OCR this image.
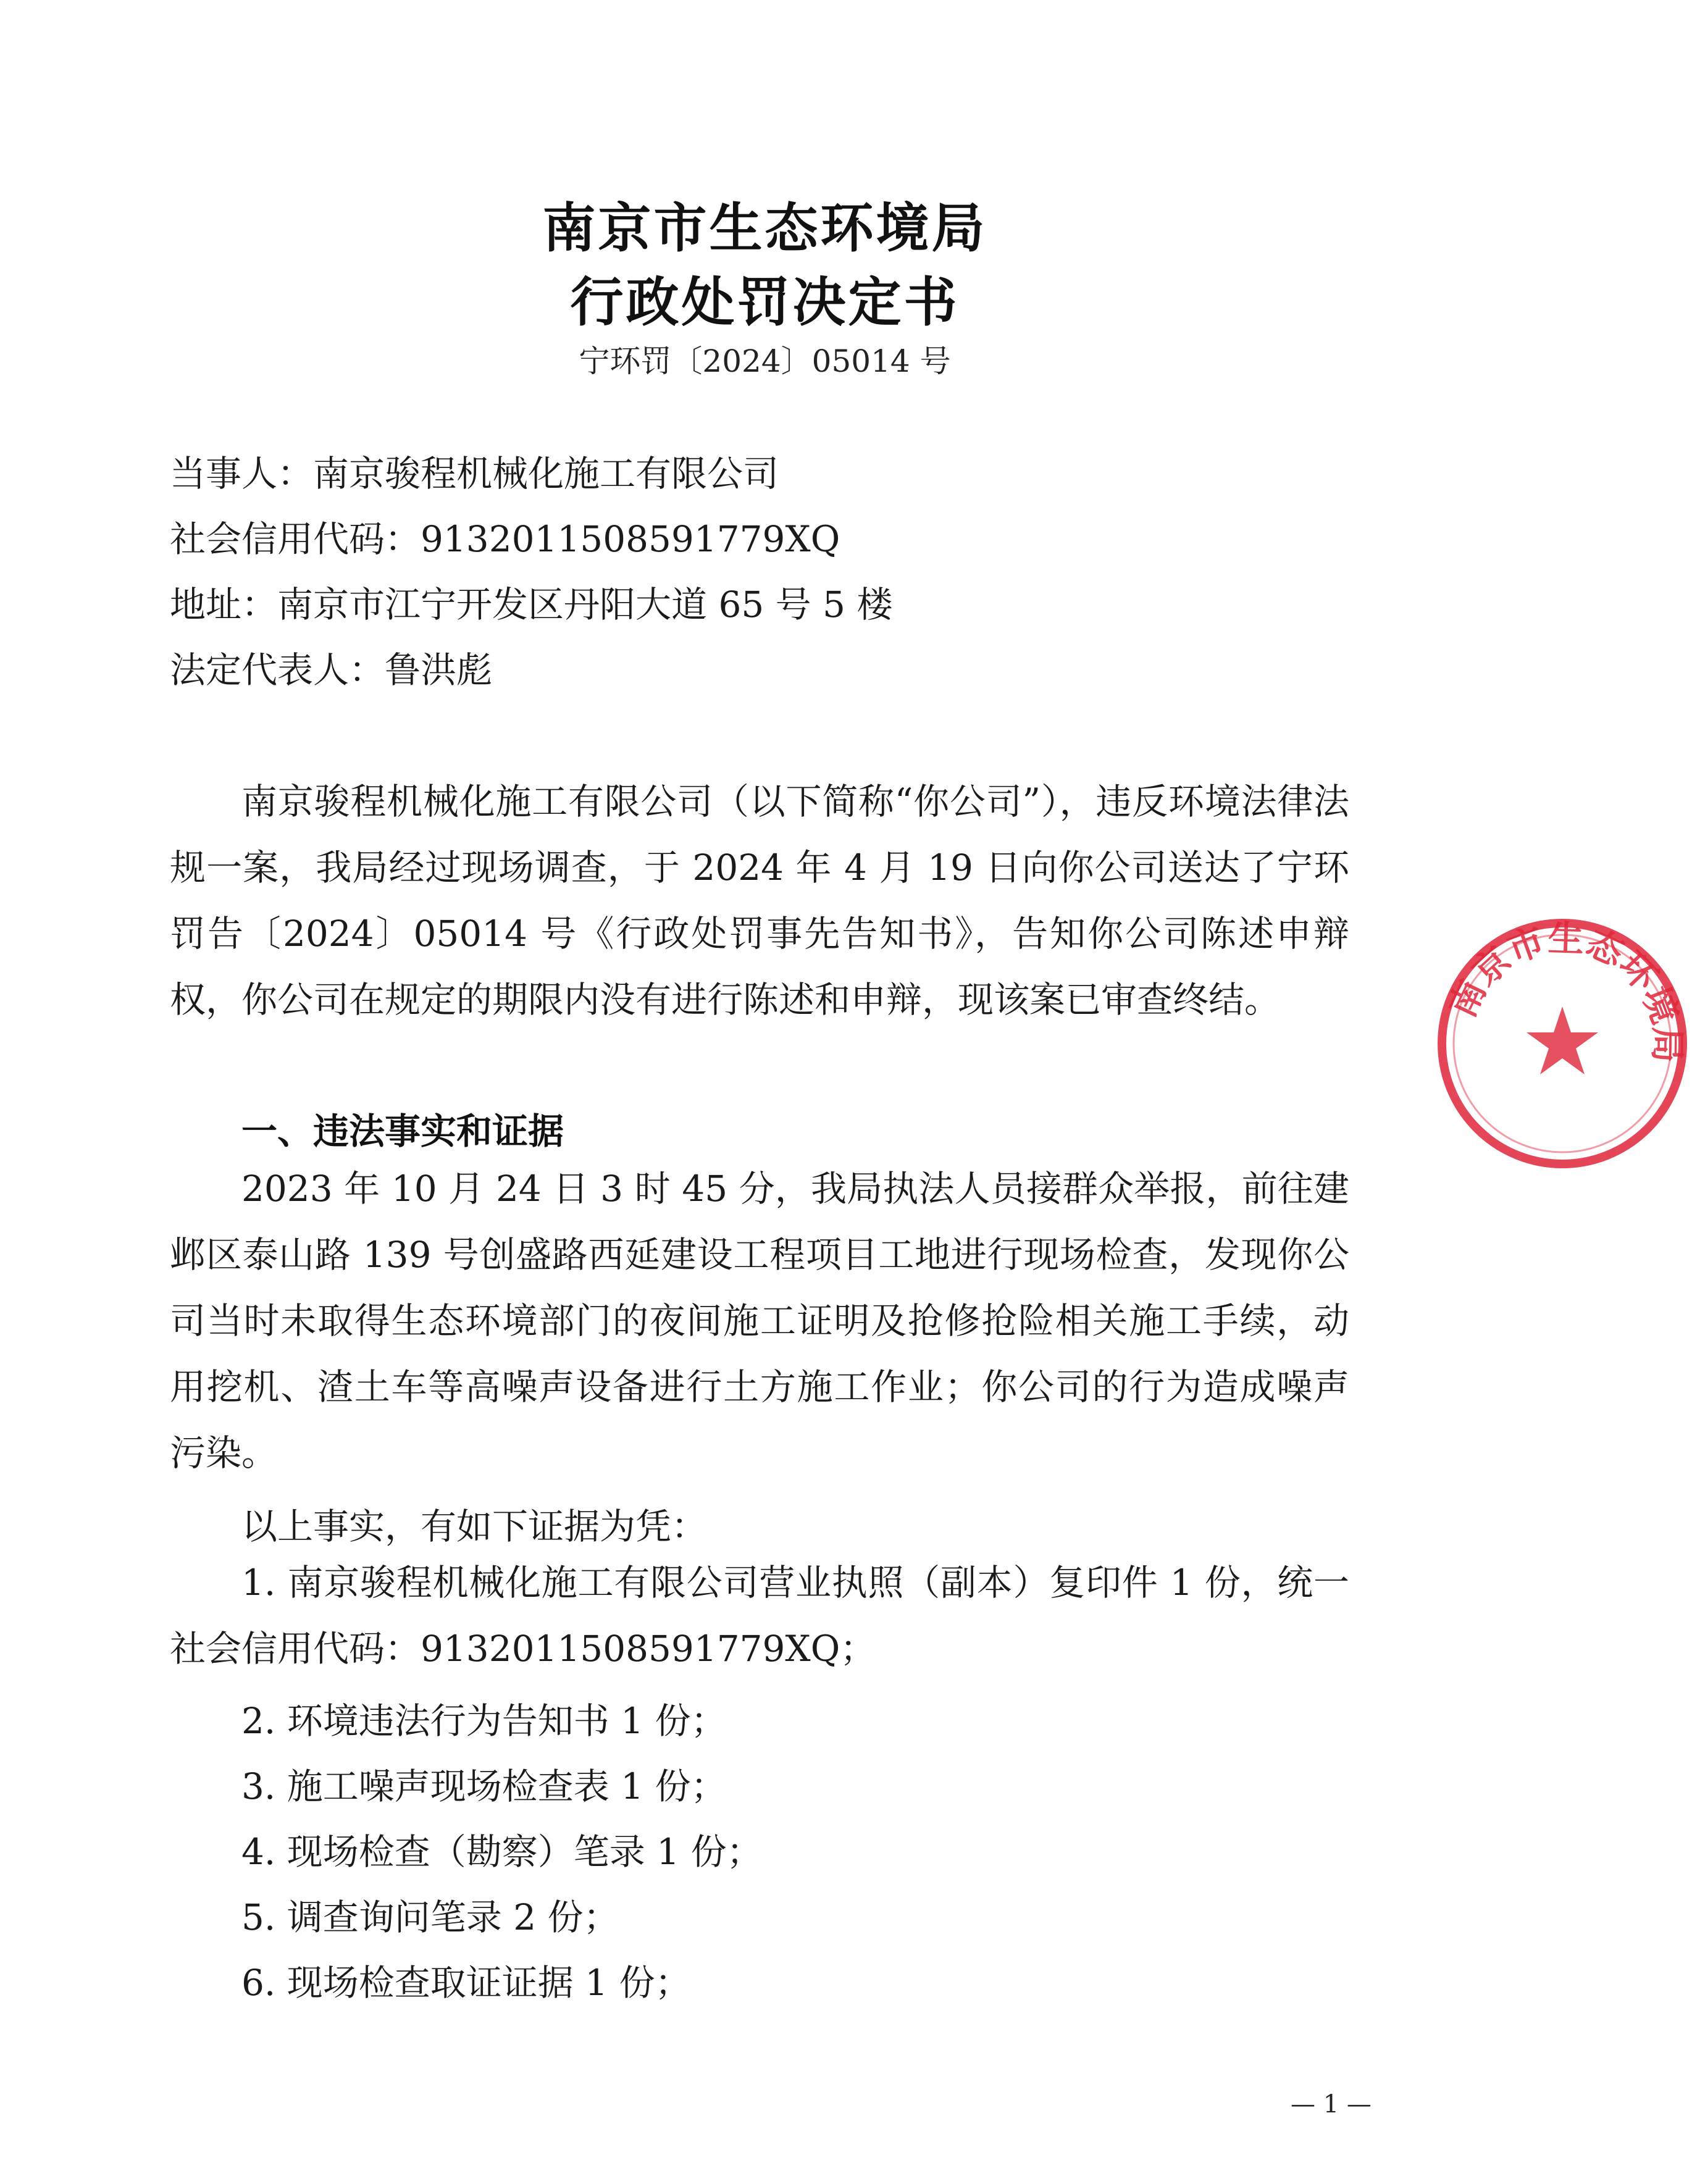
南京市生态环境局
行政处罚决定书
宁环罚〔2024〕05014 号
当事人：南京骏程机械化施工有限公司
社会信用代码：9132011508591779XQ
地址：南京市江宁开发区丹阳大道 65 号 5 楼
法定代表人：鲁洪彪
南京骏程机械化施工有限公司（以下简称“你公司”），违反环境法律法规一案，我局经过现场调查，于 2024 年 4 月 19 日向你公司送达了宁环罚告〔2024〕05014 号《行政处罚事先告知书》，告知你公司陈述申辩权，你公司在规定的期限内没有进行陈述和申辩，现该案已审查终结。
一、违法事实和证据
2023 年 10 月 24 日 3 时 45 分，我局执法人员接群众举报，前往建邺区泰山路 139 号创盛路西延建设工程项目工地进行现场检查，发现你公司当时未取得生态环境部门的夜间施工证明及抢修抢险相关施工手续，动用挖机、渣土车等高噪声设备进行土方施工作业；你公司的行为造成噪声污染。
以上事实，有如下证据为凭：
1. 南京骏程机械化施工有限公司营业执照（副本）复印件 1 份，统一社会信用代码：9132011508591779XQ；
2. 环境违法行为告知书 1 份；
3. 施工噪声现场检查表 1 份；
4. 现场检查（勘察）笔录 1 份；
5. 调查询问笔录 2 份；
6. 现场检查取证证据 1 份；
— 1 —
南京市生态环境局
